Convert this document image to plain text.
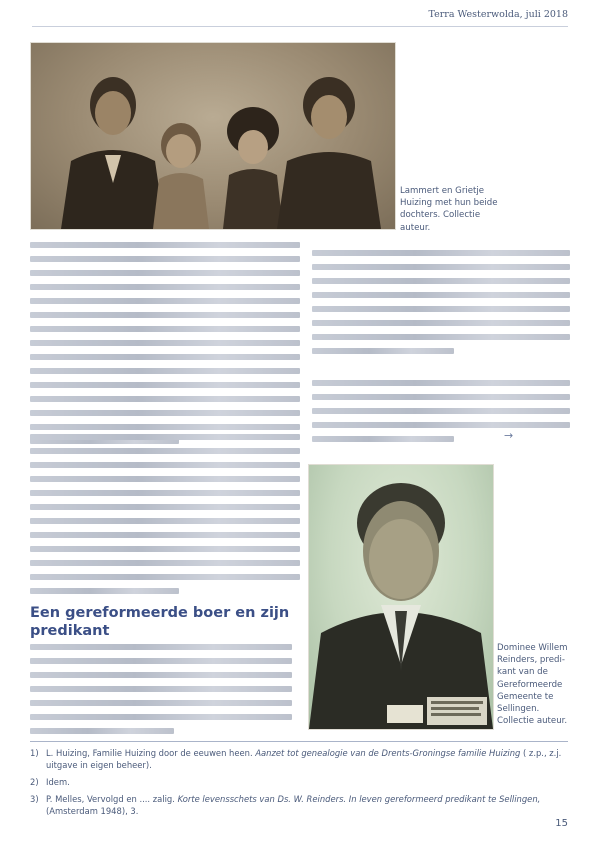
Terra Westerwolda, juli 2018
Lammert en Grietje Huizing met hun beide dochters. Collectie auteur.
→
Dominee Willem Reinders, predikant van de Gereformeerde Gemeente te Sellingen. Collectie auteur.
Een gereformeerde boer en zijn predikant
1) L. Huizing, Familie Huizing door de eeuwen heen. Aanzet tot genealogie van de Drents-Groningse familie Huizing ( z.p., z.j. uitgave in eigen beheer).
2) Idem.
3) P. Melles, Vervolgd en .... zalig. Korte levensschets van Ds. W. Reinders. In leven gereformeerd predikant te Sellingen, (Amsterdam 1948), 3.
15
